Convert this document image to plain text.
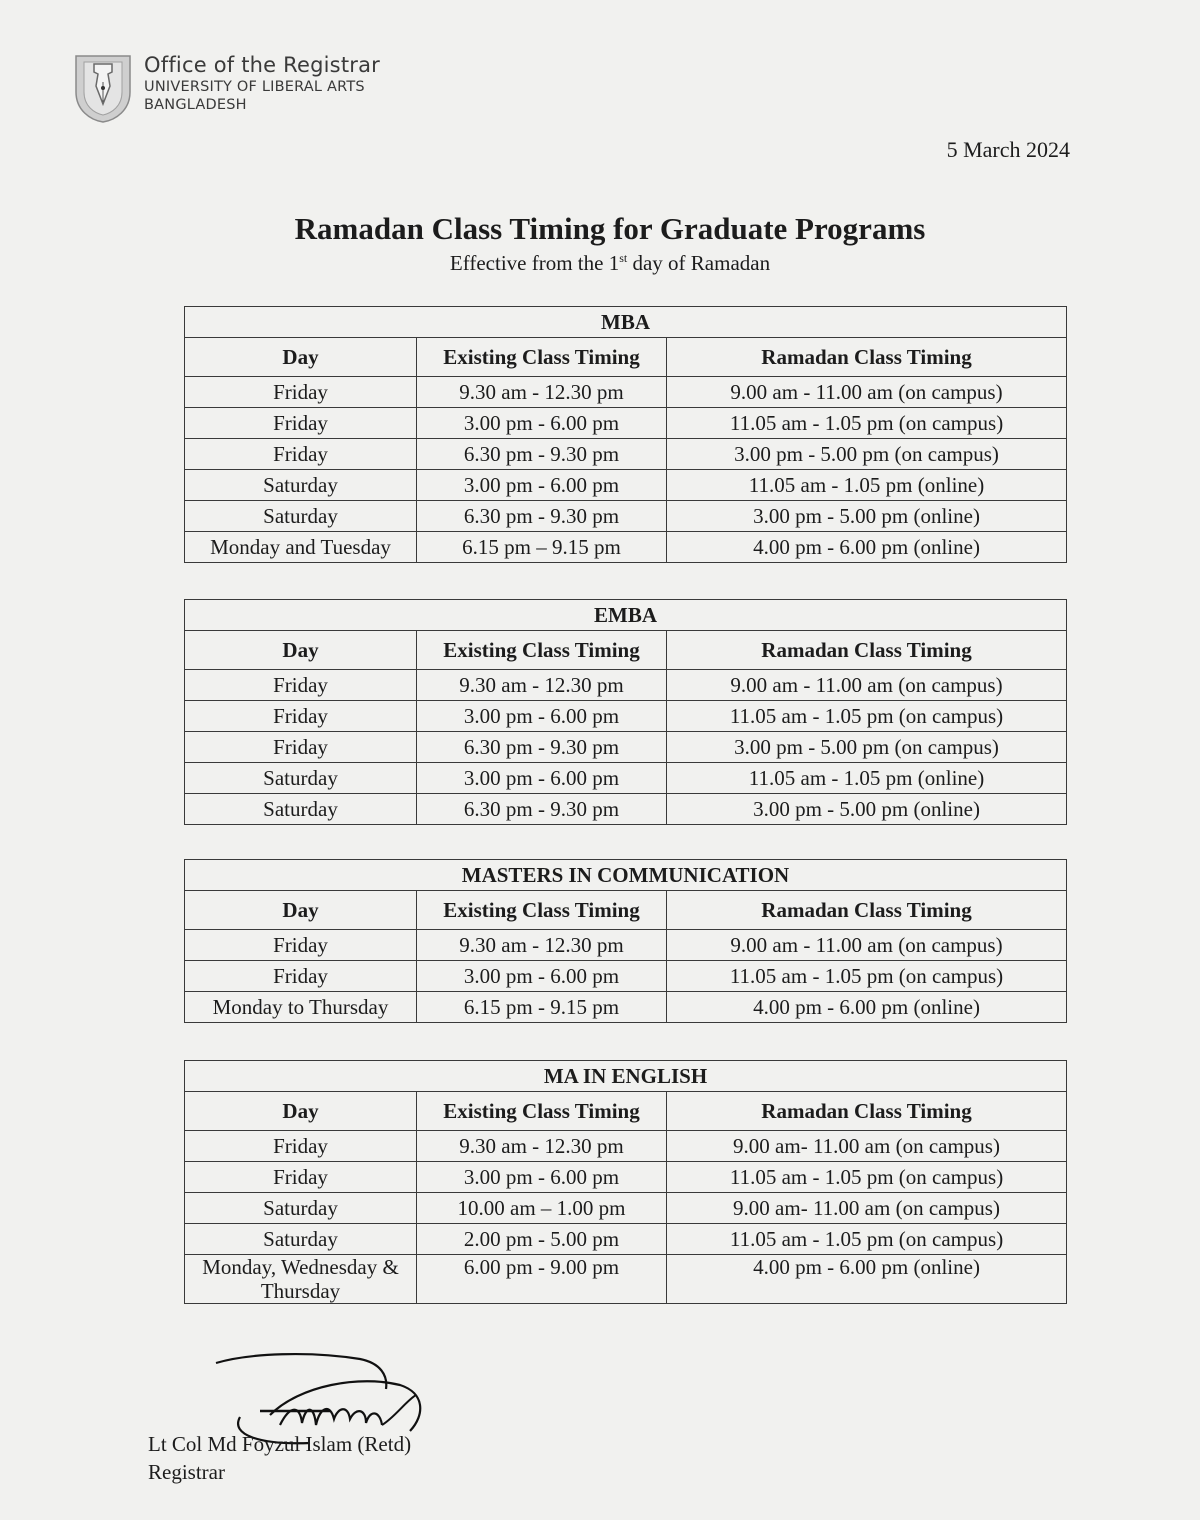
Office of the Registrar
UNIVERSITY OF LIBERAL ARTS
BANGLADESH
5 March 2024
Ramadan Class Timing for Graduate Programs
Effective from the 1st day of Ramadan
MBA		
Day	Existing Class Timing	Ramadan Class Timing
Friday	9.30 am - 12.30 pm	9.00 am - 11.00 am (on campus)
Friday	3.00 pm - 6.00 pm	11.05 am - 1.05 pm (on campus)
Friday	6.30 pm - 9.30 pm	3.00 pm - 5.00 pm (on campus)
Saturday	3.00 pm - 6.00 pm	11.05 am - 1.05 pm (online)
Saturday	6.30 pm - 9.30 pm	3.00 pm - 5.00 pm (online)
Monday and Tuesday	6.15 pm – 9.15 pm	4.00 pm - 6.00 pm (online)
EMBA		
Day	Existing Class Timing	Ramadan Class Timing
Friday	9.30 am - 12.30 pm	9.00 am - 11.00 am (on campus)
Friday	3.00 pm - 6.00 pm	11.05 am - 1.05 pm (on campus)
Friday	6.30 pm - 9.30 pm	3.00 pm - 5.00 pm (on campus)
Saturday	3.00 pm - 6.00 pm	11.05 am - 1.05 pm (online)
Saturday	6.30 pm - 9.30 pm	3.00 pm - 5.00 pm (online)
MASTERS IN COMMUNICATION		
Day	Existing Class Timing	Ramadan Class Timing
Friday	9.30 am - 12.30 pm	9.00 am - 11.00 am (on campus)
Friday	3.00 pm - 6.00 pm	11.05 am - 1.05 pm (on campus)
Monday to Thursday	6.15 pm - 9.15 pm	4.00 pm - 6.00 pm (online)
MA IN ENGLISH		
Day	Existing Class Timing	Ramadan Class Timing
Friday	9.30 am - 12.30 pm	9.00 am- 11.00 am (on campus)
Friday	3.00 pm - 6.00 pm	11.05 am - 1.05 pm (on campus)
Saturday	10.00 am – 1.00 pm	9.00 am- 11.00 am (on campus)
Saturday	2.00 pm - 5.00 pm	11.05 am - 1.05 pm (on campus)
Monday, Wednesday & Thursday	6.00 pm - 9.00 pm	4.00 pm - 6.00 pm (online)
Lt Col Md Foyzul Islam (Retd)
Registrar
